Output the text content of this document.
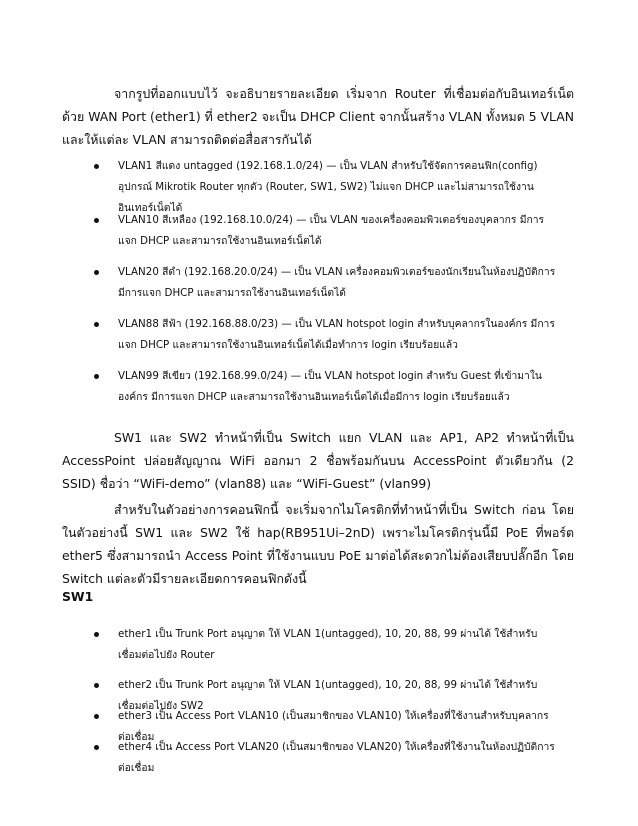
จากรูปที่ออกแบบไว้ จะอธิบายรายละเอียด เริ่มจาก Router ที่เชื่อมต่อกับอินเทอร์เน็ตด้วย WAN Port (ether1) ที่ ether2 จะเป็น DHCP Client จากนั้นสร้าง VLAN ทั้งหมด 5 VLAN และให้แต่ละ VLAN สามารถติดต่อสื่อสารกันได้

VLAN1 สีแดง untagged (192.168.1.0/24) — เป็น VLAN สำหรับใช้จัดการคอนฟิก(config) อุปกรณ์ Mikrotik Router ทุกตัว (Router, SW1, SW2) ไม่แจก DHCP และไม่สามารถใช้งานอินเทอร์เน็ตได้
VLAN10 สีเหลือง (192.168.10.0/24) — เป็น VLAN ของเครื่องคอมพิวเตอร์ของบุคลากร มีการแจก DHCP และสามารถใช้งานอินเทอร์เน็ตได้
VLAN20 สีดำ (192.168.20.0/24) — เป็น VLAN เครื่องคอมพิวเตอร์ของนักเรียนในห้องปฏิบัติการ มีการแจก DHCP และสามารถใช้งานอินเทอร์เน็ตได้
VLAN88 สีฟ้า (192.168.88.0/23) — เป็น VLAN hotspot login สำหรับบุคลากรในองค์กร มีการแจก DHCP และสามารถใช้งานอินเทอร์เน็ตได้เมื่อทำการ login เรียบร้อยแล้ว
VLAN99 สีเขียว (192.168.99.0/24) — เป็น VLAN hotspot login สำหรับ Guest ที่เข้ามาในองค์กร มีการแจก DHCP และสามารถใช้งานอินเทอร์เน็ตได้เมื่อมีการ login เรียบร้อยแล้ว

SW1 และ SW2 ทำหน้าที่เป็น Switch แยก VLAN และ AP1, AP2 ทำหน้าที่เป็น AccessPoint ปล่อยสัญญาณ WiFi ออกมา 2 ชื่อพร้อมกันบน AccessPoint ตัวเดียวกัน (2 SSID) ชื่อว่า “WiFi-demo” (vlan88) และ “WiFi-Guest” (vlan99)

สำหรับในตัวอย่างการคอนฟิกนี้ จะเริ่มจากไมโครติกที่ทำหน้าที่เป็น Switch ก่อน โดยในตัวอย่างนี้ SW1 และ SW2 ใช้ hap(RB951Ui–2nD) เพราะไมโครติกรุ่นนี้มี PoE ที่พอร์ต ether5 ซึ่งสามารถนำ Access Point ที่ใช้งานแบบ PoE มาต่อได้สะดวกไม่ต้องเสียบปลั๊กอีก โดย Switch แต่ละตัวมีรายละเอียดการคอนฟิกดังนี้

SW1
ether1 เป็น Trunk Port อนุญาต ให้ VLAN 1(untagged), 10, 20, 88, 99 ผ่านได้ ใช้สำหรับเชื่อมต่อไปยัง Router
ether2 เป็น Trunk Port อนุญาต ให้ VLAN 1(untagged), 10, 20, 88, 99 ผ่านได้ ใช้สำหรับเชื่อมต่อไปยัง SW2
ether3 เป็น Access Port VLAN10 (เป็นสมาชิกของ VLAN10) ให้เครื่องที่ใช้งานสำหรับบุคลากรต่อเชื่อม
ether4 เป็น Access Port VLAN20 (เป็นสมาชิกของ VLAN20) ให้เครื่องที่ใช้งานในห้องปฏิบัติการต่อเชื่อม
